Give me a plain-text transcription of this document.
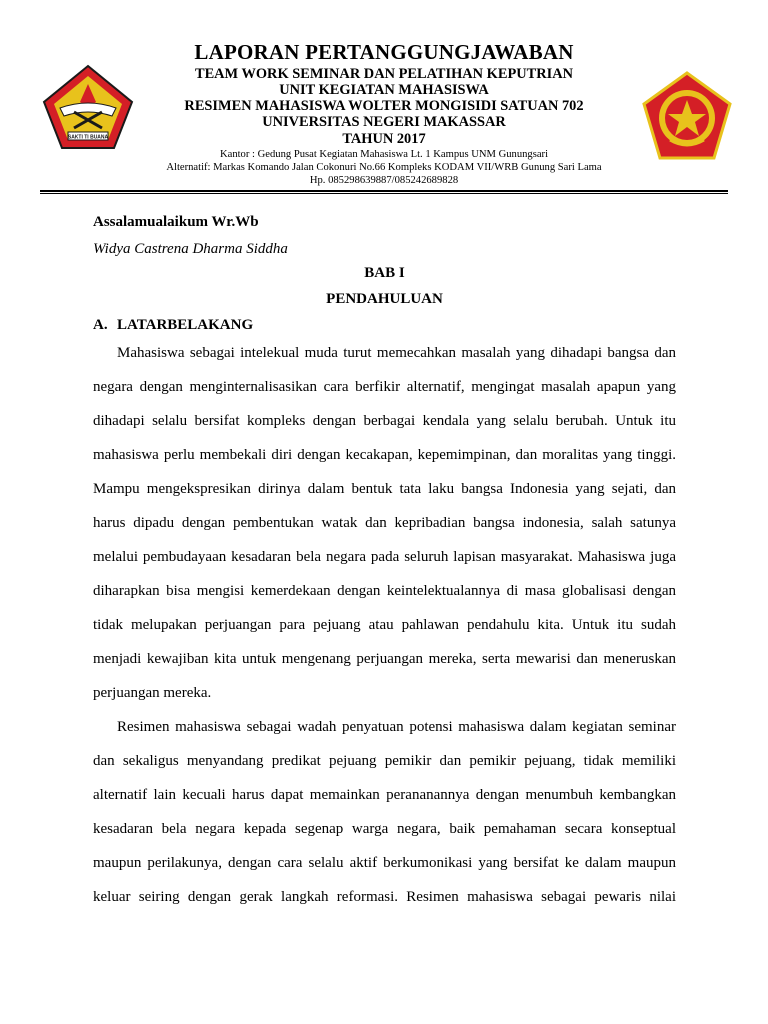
SAKTI TI BUANA
LAPORAN PERTANGGUNGJAWABAN
TEAM WORK SEMINAR DAN PELATIHAN KEPUTRIAN
UNIT KEGIATAN MAHASISWA
RESIMEN MAHASISWA WOLTER MONGISIDI SATUAN 702
UNIVERSITAS NEGERI MAKASSAR
TAHUN 2017
Kantor : Gedung Pusat Kegiatan Mahasiswa Lt. 1 Kampus UNM Gunungsari
Alternatif: Markas Komando Jalan Cokonuri No.66 Kompleks KODAM VII/WRB Gunung Sari Lama
Hp. 085298639887/085242689828
Assalamualaikum Wr.Wb
Widya Castrena Dharma Siddha
BAB I
PENDAHULUAN
A. LATARBELAKANG
Mahasiswa sebagai intelekual muda turut memecahkan masalah yang dihadapi bangsa dan
negara dengan menginternalisasikan cara berfikir alternatif, mengingat masalah apapun yang
dihadapi selalu bersifat kompleks dengan berbagai kendala yang selalu berubah. Untuk itu
mahasiswa perlu membekali diri dengan kecakapan, kepemimpinan, dan moralitas yang tinggi.
Mampu mengekspresikan dirinya dalam bentuk tata laku bangsa Indonesia yang sejati, dan
harus dipadu dengan pembentukan watak dan kepribadian bangsa indonesia, salah satunya
melalui pembudayaan kesadaran bela negara pada seluruh lapisan masyarakat. Mahasiswa juga
diharapkan bisa mengisi kemerdekaan dengan keintelektualannya di masa globalisasi dengan
tidak melupakan perjuangan para pejuang atau pahlawan pendahulu kita. Untuk itu sudah
menjadi kewajiban kita untuk mengenang perjuangan mereka, serta mewarisi dan meneruskan
perjuangan mereka.
Resimen mahasiswa sebagai wadah penyatuan potensi mahasiswa dalam kegiatan seminar
dan sekaligus menyandang predikat pejuang pemikir dan pemikir pejuang, tidak memiliki
alternatif lain kecuali harus dapat memainkan perananannya dengan menumbuh kembangkan
kesadaran bela negara kepada segenap warga negara, baik pemahaman secara konseptual
maupun perilakunya, dengan cara selalu aktif berkumonikasi yang bersifat ke dalam maupun
keluar seiring dengan gerak langkah reformasi. Resimen mahasiswa sebagai pewaris nilai
